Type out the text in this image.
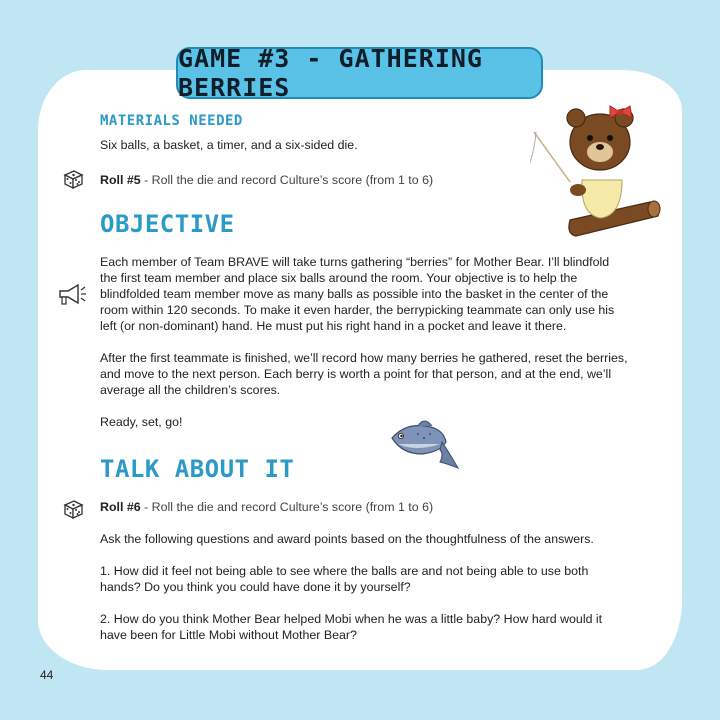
GAME #3 - GATHERING BERRIES
MATERIALS NEEDED
Six balls, a basket, a timer, and a six-sided die.
Roll #5 - Roll the die and record Culture’s score (from 1 to 6)
OBJECTIVE
Each member of Team BRAVE will take turns gathering “berries” for Mother Bear. I’ll blindfold
the first team member and place six balls around the room. Your objective is to help the
blindfolded team member move as many balls as possible into the basket in the center of the
room within 120 seconds. To make it even harder, the berrypicking teammate can only use his
left (or non-dominant) hand. He must put his right hand in a pocket and leave it there.
After the first teammate is finished, we’ll record how many berries he gathered, reset the berries,
and move to the next person. Each berry is worth a point for that person, and at the end, we’ll
average all the children’s scores.
Ready, set, go!
TALK ABOUT IT
Roll #6 - Roll the die and record Culture’s score (from 1 to 6)
Ask the following questions and award points based on the thoughtfulness of the answers.
1. How did it feel not being able to see where the balls are and not being able to use both
hands? Do you think you could have done it by yourself?
2. How do you think Mother Bear helped Mobi when he was a little baby? How hard would it
have been for Little Mobi without Mother Bear?
44
